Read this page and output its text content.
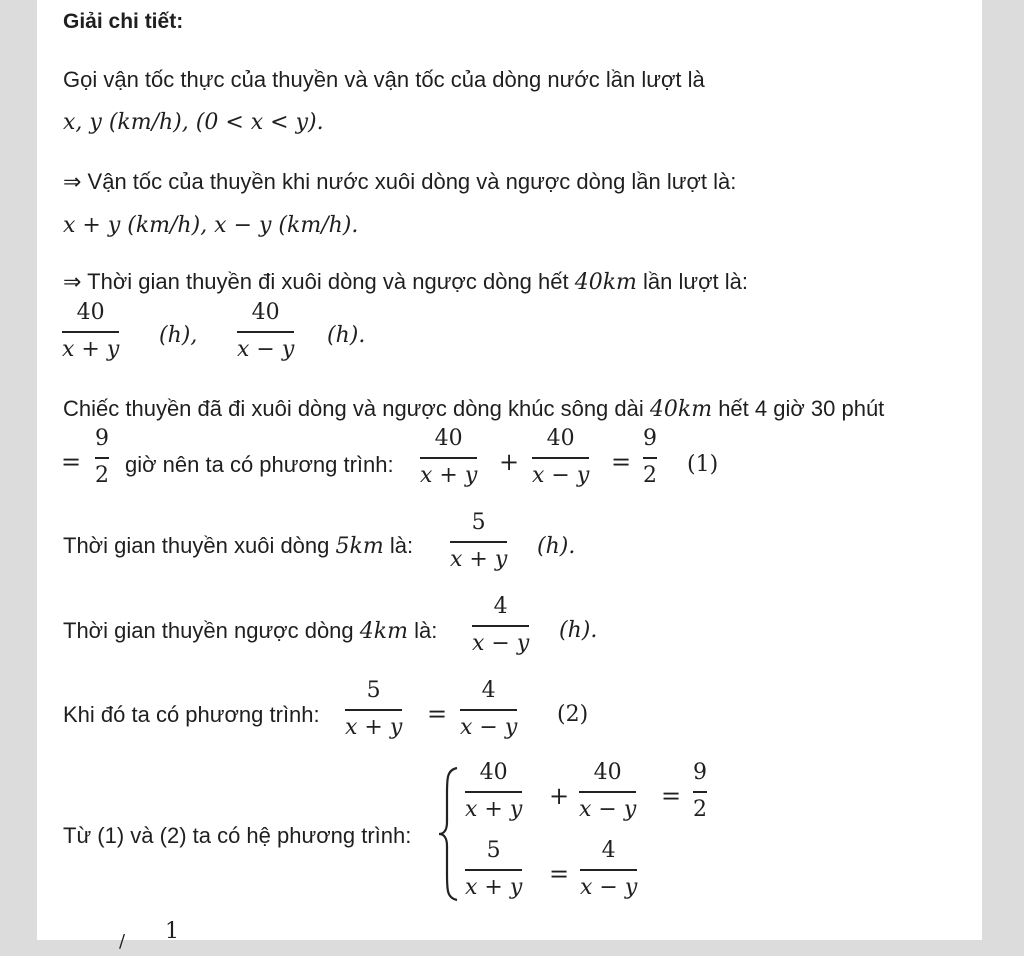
Giải chi tiết:
Gọi vận tốc thực của thuyền và vận tốc của dòng nước lần lượt là
x, y (km/h), (0 < x < y).
⇒ Vận tốc của thuyền khi nước xuôi dòng và ngược dòng lần lượt là:
x + y (km/h), x − y (km/h).
⇒ Thời gian thuyền đi xuôi dòng và ngược dòng hết 40km lần lượt là:
40
x + y
(h),
40
x − y
(h).
Chiếc thuyền đã đi xuôi dòng và ngược dòng khúc sông dài 40km hết 4 giờ 30 phút
=
9
2 giờ nên ta có phương trình:
40
x + y +
40
x − y =
9
2 (1)
Thời gian thuyền xuôi dòng 5km là:
5
x + y (h).
Thời gian thuyền ngược dòng 4km là:
4
x − y (h).
Khi đó ta có phương trình:
5
x + y =
4
x − y (2)
Từ (1) và (2) ta có hệ phương trình:
40
x + y +
40
x − y =
9
2
5
x + y =
4
x − y
1
/
